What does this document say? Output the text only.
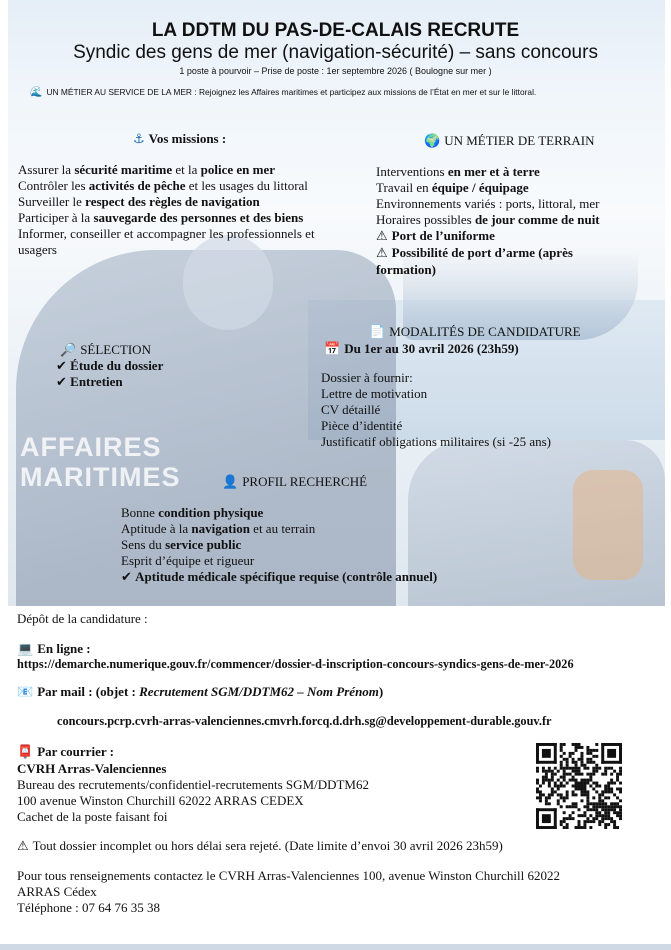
AFFAIRES
MARITIMES
LA DDTM DU PAS-DE-CALAIS RECRUTE
Syndic des gens de mer (navigation-sécurité) – sans concours
1 poste à pourvoir – Prise de poste : 1er septembre 2026 ( Boulogne sur mer )
🌊 UN MÉTIER AU SERVICE DE LA MER : Rejoignez les Affaires maritimes et participez aux missions de l’État en mer et sur le littoral.
⚓ Vos missions :
Assurer la sécurité maritime et la police en mer
Contrôler les activités de pêche et les usages du littoral
Surveiller le respect des règles de navigation
Participer à la sauvegarde des personnes et des biens
Informer, conseiller et accompagner les professionnels et
usagers
🌍 UN MÉTIER DE TERRAIN
Interventions en mer et à terre
Travail en équipe / équipage
Environnements variés : ports, littoral, mer
Horaires possibles de jour comme de nuit
⚠ Port de l’uniforme
⚠ Possibilité de port d’arme (après
formation)
🔎 SÉLECTION
✔ Étude du dossier
✔ Entretien
📄 MODALITÉS DE CANDIDATURE
📅 Du 1er au 30 avril 2026 (23h59)
Dossier à fournir:
Lettre de motivation
CV détaillé
Pièce d’identité
Justificatif obligations militaires (si -25 ans)
👤 PROFIL RECHERCHÉ
Bonne condition physique
Aptitude à la navigation et au terrain
Sens du service public
Esprit d’équipe et rigueur
✔ Aptitude médicale spécifique requise (contrôle annuel)
Dépôt de la candidature :
💻 En ligne :
https://demarche.numerique.gouv.fr/commencer/dossier-d-inscription-concours-syndics-gens-de-mer-2026
📧 Par mail : (objet : Recrutement SGM/DDTM62 – Nom Prénom)
concours.pcrp.cvrh-arras-valenciennes.cmvrh.forcq.d.drh.sg@developpement-durable.gouv.fr
📮 Par courrier :
CVRH Arras-Valenciennes
Bureau des recrutements/confidentiel-recrutements SGM/DDTM62
100 avenue Winston Churchill 62022 ARRAS CEDEX
Cachet de la poste faisant foi
⚠ Tout dossier incomplet ou hors délai sera rejeté. (Date limite d’envoi 30 avril 2026 23h59)
Pour tous renseignements contactez le CVRH Arras-Valenciennes 100, avenue Winston Churchill 62022
ARRAS Cédex
Téléphone : 07 64 76 35 38
